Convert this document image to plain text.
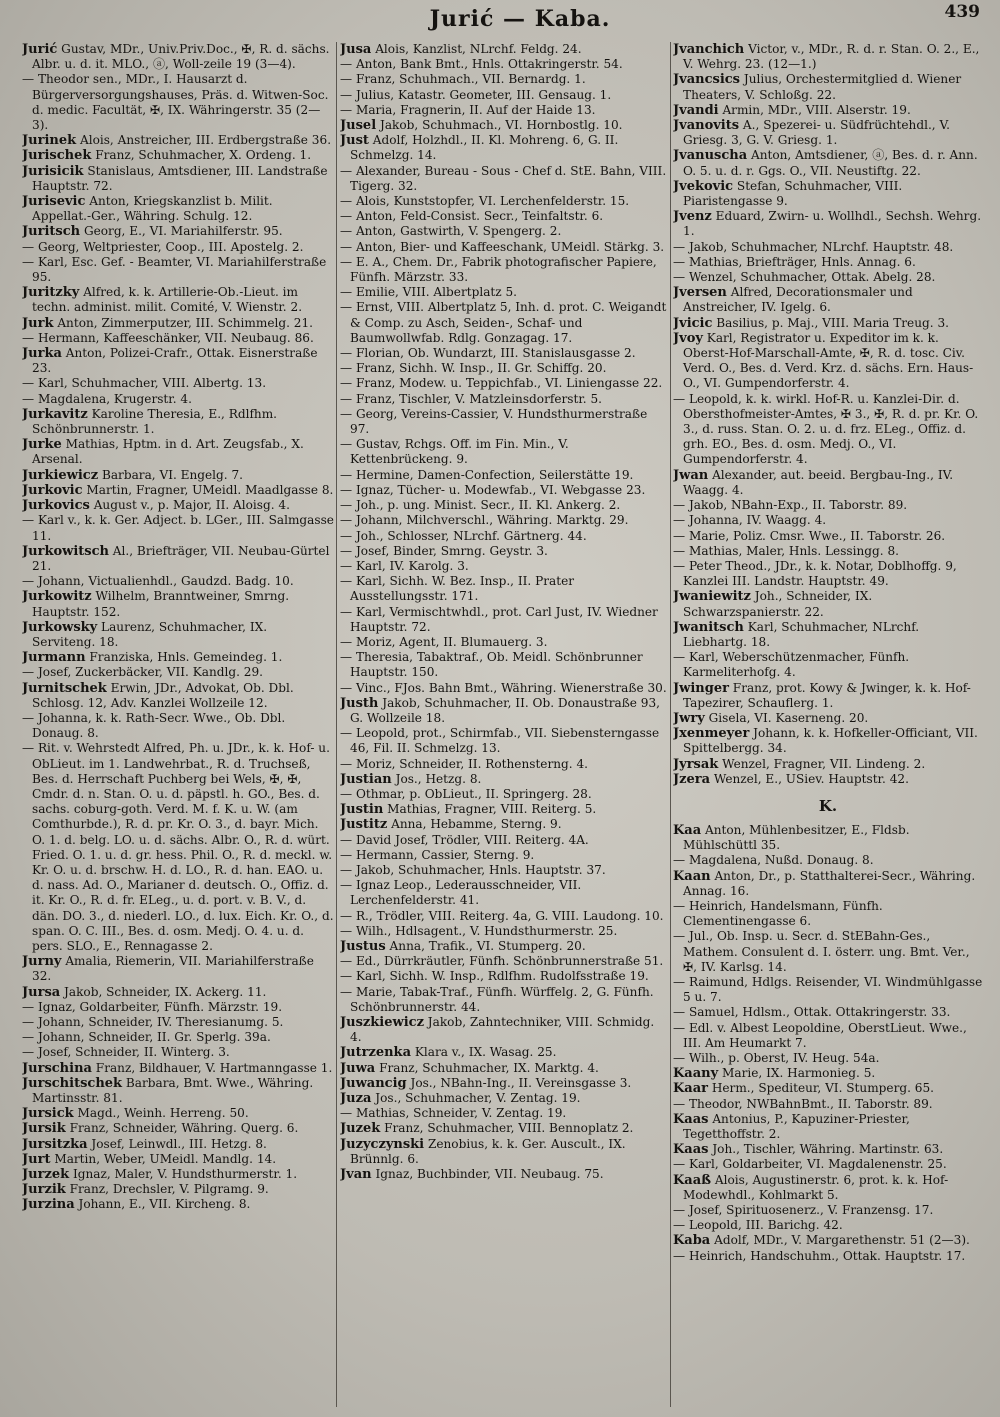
Jurić — Kaba.	439

Jurić Gustav, MDr., Univ.Priv.Doc., ✠, R. d. sächs. Albr. u. d. it. MLO., ⓐ, Woll-zeile 19 (3—4).

— Theodor sen., MDr., I. Hausarzt d. Bürgerversorgungshauses, Präs. d. Witwen-Soc. d. medic. Facultät, ✠, IX. Währingerstr. 35 (2—3).

Jurinek Alois, Anstreicher, III. Erdbergstraße 36.

Jurischek Franz, Schuhmacher, X. Ordeng. 1.

Jurisicik Stanislaus, Amtsdiener, III. Landstraße Hauptstr. 72.

Jurisevic Anton, Kriegskanzlist b. Milit. Appellat.-Ger., Währing. Schulg. 12.

Juritsch Georg, E., VI. Mariahilferstr. 95.

— Georg, Weltpriester, Coop., III. Apostelg. 2.

— Karl, Esc. Gef. - Beamter, VI. Mariahilferstraße 95.

Juritzky Alfred, k. k. Artillerie-Ob.-Lieut. im techn. administ. milit. Comité, V. Wienstr. 2.

Jurk Anton, Zimmerputzer, III. Schimmelg. 21.

— Hermann, Kaffeeschänker, VII. Neubaug. 86.

Jurka Anton, Polizei-Crafr., Ottak. Eisnerstraße 23.

— Karl, Schuhmacher, VIII. Albertg. 13.

— Magdalena, Krugerstr. 4.

Jurkavitz Karoline Theresia, E., Rdlfhm. Schönbrunnerstr. 1.

Jurke Mathias, Hptm. in d. Art. Zeugsfab., X. Arsenal.

Jurkiewicz Barbara, VI. Engelg. 7.

Jurkovic Martin, Fragner, UMeidl. Maadlgasse 8.

Jurkovics August v., p. Major, II. Aloisg. 4.

— Karl v., k. k. Ger. Adject. b. LGer., III. Salmgasse 11.

Jurkowitsch Al., Briefträger, VII. Neubau-Gürtel 21.

— Johann, Victualienhdl., Gaudzd. Badg. 10.

Jurkowitz Wilhelm, Branntweiner, Smrng. Hauptstr. 152.

Jurkowsky Laurenz, Schuhmacher, IX. Serviteng. 18.

Jurmann Franziska, Hnls. Gemeindeg. 1.

— Josef, Zuckerbäcker, VII. Kandlg. 29.

Jurnitschek Erwin, JDr., Advokat, Ob. Dbl. Schlosg. 12, Adv. Kanzlei Wollzeile 12.

— Johanna, k. k. Rath-Secr. Wwe., Ob. Dbl. Donaug. 8.

— Rit. v. Wehrstedt Alfred, Ph. u. JDr., k. k. Hof- u. ObLieut. im 1. Landwehrbat., R. d. Truchseß, Bes. d. Herrschaft Puchberg bei Wels, ✠, ✠, Cmdr. d. n. Stan. O. u. d. päpstl. h. GO., Bes. d. sachs. coburg-goth. Verd. M. f. K. u. W. (am Comthurbde.), R. d. pr. Kr. O. 3., d. bayr. Mich. O. 1. d. belg. LO. u. d. sächs. Albr. O., R. d. würt. Fried. O. 1. u. d. gr. hess. Phil. O., R. d. meckl. w. Kr. O. u. d. brschw. H. d. LO., R. d. han. EAO. u. d. nass. Ad. O., Marianer d. deutsch. O., Offiz. d. it. Kr. O., R. d. fr. ELeg., u. d. port. v. B. V., d. dän. DO. 3., d. niederl. LO., d. lux. Eich. Kr. O., d. span. O. C. III., Bes. d. osm. Medj. O. 4. u. d. pers. SLO., E., Rennagasse 2.

Jurny Amalia, Riemerin, VII. Mariahilferstraße 32.

Jursa Jakob, Schneider, IX. Ackerg. 11.

— Ignaz, Goldarbeiter, Fünfh. Märzstr. 19.

— Johann, Schneider, IV. Theresianumg. 5.

— Johann, Schneider, II. Gr. Sperlg. 39a.

— Josef, Schneider, II. Winterg. 3.

Jurschina Franz, Bildhauer, V. Hartmanngasse 1.

Jurschitschek Barbara, Bmt. Wwe., Währing. Martinsstr. 81.

Jursick Magd., Weinh. Herreng. 50.

Jursik Franz, Schneider, Währing. Querg. 6.

Jursitzka Josef, Leinwdl., III. Hetzg. 8.

Jurt Martin, Weber, UMeidl. Mandlg. 14.

Jurzek Ignaz, Maler, V. Hundsthurmerstr. 1.

Jurzik Franz, Drechsler, V. Pilgramg. 9.

Jurzina Johann, E., VII. Kircheng. 8.

Jusa Alois, Kanzlist, NLrchf. Feldg. 24.

— Anton, Bank Bmt., Hnls. Ottakringerstr. 54.

— Franz, Schuhmach., VII. Bernardg. 1.

— Julius, Katastr. Geometer, III. Gensaug. 1.

— Maria, Fragnerin, II. Auf der Haide 13.

Jusel Jakob, Schuhmach., VI. Hornbostlg. 10.

Just Adolf, Holzhdl., II. Kl. Mohreng. 6, G. II. Schmelzg. 14.

— Alexander, Bureau - Sous - Chef d. StE. Bahn, VIII. Tigerg. 32.

— Alois, Kunststopfer, VI. Lerchenfelderstr. 15.

— Anton, Feld-Consist. Secr., Teinfaltstr. 6.

— Anton, Gastwirth, V. Spengerg. 2.

— Anton, Bier- und Kaffeeschank, UMeidl. Stärkg. 3.

— E. A., Chem. Dr., Fabrik photografischer Papiere, Fünfh. Märzstr. 33.

— Emilie, VIII. Albertplatz 5.

— Ernst, VIII. Albertplatz 5, Inh. d. prot. C. Weigandt & Comp. zu Asch, Seiden-, Schaf- und Baumwollwfab. Rdlg. Gonzagag. 17.

— Florian, Ob. Wundarzt, III. Stanislausgasse 2.

— Franz, Sichh. W. Insp., II. Gr. Schiffg. 20.

— Franz, Modew. u. Teppichfab., VI. Liniengasse 22.

— Franz, Tischler, V. Matzleinsdorferstr. 5.

— Georg, Vereins-Cassier, V. Hundsthurmerstraße 97.

— Gustav, Rchgs. Off. im Fin. Min., V. Kettenbrückeng. 9.

— Hermine, Damen-Confection, Seilerstätte 19.

— Ignaz, Tücher- u. Modewfab., VI. Webgasse 23.

— Joh., p. ung. Minist. Secr., II. Kl. Ankerg. 2.

— Johann, Milchverschl., Währing. Marktg. 29.

— Joh., Schlosser, NLrchf. Gärtnerg. 44.

— Josef, Binder, Smrng. Geystr. 3.

— Karl, IV. Karolg. 3.

— Karl, Sichh. W. Bez. Insp., II. Prater Ausstellungsstr. 171.

— Karl, Vermischtwhdl., prot. Carl Just, IV. Wiedner Hauptstr. 72.

— Moriz, Agent, II. Blumauerg. 3.

— Theresia, Tabaktraf., Ob. Meidl. Schönbrunner Hauptstr. 150.

— Vinc., FJos. Bahn Bmt., Währing. Wienerstraße 30.

Justh Jakob, Schuhmacher, II. Ob. Donaustraße 93, G. Wollzeile 18.

— Leopold, prot., Schirmfab., VII. Siebensterngasse 46, Fil. II. Schmelzg. 13.

— Moriz, Schneider, II. Rothensterng. 4.

Justian Jos., Hetzg. 8.

— Othmar, p. ObLieut., II. Springerg. 28.

Justin Mathias, Fragner, VIII. Reiterg. 5.

Justitz Anna, Hebamme, Sterng. 9.

— David Josef, Trödler, VIII. Reiterg. 4A.

— Hermann, Cassier, Sterng. 9.

— Jakob, Schuhmacher, Hnls. Hauptstr. 37.

— Ignaz Leop., Lederausschneider, VII. Lerchenfelderstr. 41.

— R., Trödler, VIII. Reiterg. 4a, G. VIII. Laudong. 10.

— Wilh., Hdlsagent., V. Hundsthurmerstr. 25.

Justus Anna, Trafik., VI. Stumperg. 20.

— Ed., Dürrkräutler, Fünfh. Schönbrunnerstraße 51.

— Karl, Sichh. W. Insp., Rdlfhm. Rudolfsstraße 19.

— Marie, Tabak-Traf., Fünfh. Würffelg. 2, G. Fünfh. Schönbrunnerstr. 44.

Juszkiewicz Jakob, Zahntechniker, VIII. Schmidg. 4.

Jutrzenka Klara v., IX. Wasag. 25.

Juwa Franz, Schuhmacher, IX. Marktg. 4.

Juwancig Jos., NBahn-Ing., II. Vereinsgasse 3.

Juza Jos., Schuhmacher, V. Zentag. 19.

— Mathias, Schneider, V. Zentag. 19.

Juzek Franz, Schuhmacher, VIII. Bennoplatz 2.

Juzyczynski Zenobius, k. k. Ger. Auscult., IX. Brünnlg. 6.

Jvan Ignaz, Buchbinder, VII. Neubaug. 75.

Jvanchich Victor, v., MDr., R. d. r. Stan. O. 2., E., V. Wehrg. 23. (12—1.)

Jvancsics Julius, Orchestermitglied d. Wiener Theaters, V. Schloßg. 22.

Jvandi Armin, MDr., VIII. Alserstr. 19.

Jvanovits A., Spezerei- u. Südfrüchtehdl., V. Griesg. 3, G. V. Griesg. 1.

Jvanuscha Anton, Amtsdiener, ⓐ, Bes. d. r. Ann. O. 5. u. d. r. Ggs. O., VII. Neustiftg. 22.

Jvekovic Stefan, Schuhmacher, VIII. Piaristengasse 9.

Jvenz Eduard, Zwirn- u. Wollhdl., Sechsh. Wehrg. 1.

— Jakob, Schuhmacher, NLrchf. Hauptstr. 48.

— Mathias, Briefträger, Hnls. Annag. 6.

— Wenzel, Schuhmacher, Ottak. Abelg. 28.

Jversen Alfred, Decorationsmaler und Anstreicher, IV. Igelg. 6.

Jvicic Basilius, p. Maj., VIII. Maria Treug. 3.

Jvoy Karl, Registrator u. Expeditor im k. k. Oberst-Hof-Marschall-Amte, ✠, R. d. tosc. Civ. Verd. O., Bes. d. Verd. Krz. d. sächs. Ern. Haus-O., VI. Gumpendorferstr. 4.

— Leopold, k. k. wirkl. Hof-R. u. Kanzlei-Dir. d. Obersthofmeister-Amtes, ✠ 3., ✠, R. d. pr. Kr. O. 3., d. russ. Stan. O. 2. u. d. frz. ELeg., Offiz. d. grh. EO., Bes. d. osm. Medj. O., VI. Gumpendorferstr. 4.

Jwan Alexander, aut. beeid. Bergbau-Ing., IV. Waagg. 4.

— Jakob, NBahn-Exp., II. Taborstr. 89.

— Johanna, IV. Waagg. 4.

— Marie, Poliz. Cmsr. Wwe., II. Taborstr. 26.

— Mathias, Maler, Hnls. Lessingg. 8.

— Peter Theod., JDr., k. k. Notar, Doblhoffg. 9, Kanzlei III. Landstr. Hauptstr. 49.

Jwaniewitz Joh., Schneider, IX. Schwarzspanierstr. 22.

Jwanitsch Karl, Schuhmacher, NLrchf. Liebhartg. 18.

— Karl, Weberschützenmacher, Fünfh. Karmeliterhofg. 4.

Jwinger Franz, prot. Kowy & Jwinger, k. k. Hof-Tapezirer, Schauflerg. 1.

Jwry Gisela, VI. Kaserneng. 20.

Jxenmeyer Johann, k. k. Hofkeller-Officiant, VII. Spittelbergg. 34.

Jyrsak Wenzel, Fragner, VII. Lindeng. 2.

Jzera Wenzel, E., USiev. Hauptstr. 42.

K.

Kaa Anton, Mühlenbesitzer, E., Fldsb. Mühlschüttl 35.

— Magdalena, Nußd. Donaug. 8.

Kaan Anton, Dr., p. Statthalterei-Secr., Währing. Annag. 16.

— Heinrich, Handelsmann, Fünfh. Clementinengasse 6.

— Jul., Ob. Insp. u. Secr. d. StEBahn-Ges., Mathem. Consulent d. I. österr. ung. Bmt. Ver., ✠, IV. Karlsg. 14.

— Raimund, Hdlgs. Reisender, VI. Windmühlgasse 5 u. 7.

— Samuel, Hdlsm., Ottak. Ottakringerstr. 33.

— Edl. v. Albest Leopoldine, OberstLieut. Wwe., III. Am Heumarkt 7.

— Wilh., p. Oberst, IV. Heug. 54a.

Kaany Marie, IX. Harmonieg. 5.

Kaar Herm., Spediteur, VI. Stumperg. 65.

— Theodor, NWBahnBmt., II. Taborstr. 89.

Kaas Antonius, P., Kapuziner-Priester, Tegetthoffstr. 2.

Kaas Joh., Tischler, Währing. Martinstr. 63.

— Karl, Goldarbeiter, VI. Magdalenenstr. 25.

Kaaß Alois, Augustinerstr. 6, prot. k. k. Hof-Modewhdl., Kohlmarkt 5.

— Josef, Spirituosenerz., V. Franzensg. 17.

— Leopold, III. Barichg. 42.

Kaba Adolf, MDr., V. Margarethenstr. 51 (2—3).

— Heinrich, Handschuhm., Ottak. Hauptstr. 17.
